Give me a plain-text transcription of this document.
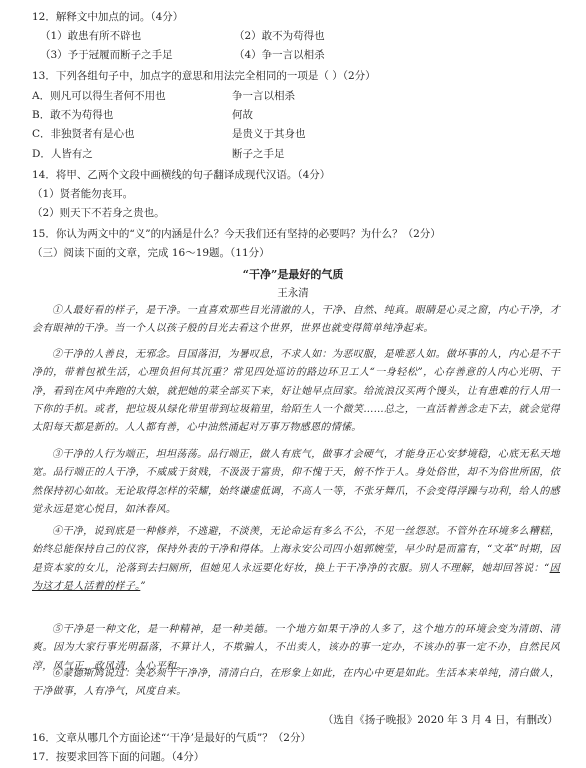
12．解释文中加点的词。（4分）
（1）敢患有所不辟也	（2）敢不为苟得也
（3）予于冠履而断子之手足	（4）争一言以相杀
13．下列各组句子中，加点字的意思和用法完全相同的一项是（ ）（2分）
A．则凡可以得生者何不用也	争一言以相杀
B．敢不为苟得也	何故
C．非独贤者有是心也	是贵义于其身也
D．人皆有之	断子之手足
14．将甲、乙两个文段中画横线的句子翻译成现代汉语。（4分）
（1）贤者能勿丧耳。
（2）则天下不若身之贵也。
15．你认为两文中的“义”的内涵是什么？今天我们还有坚持的必要吗？为什么？（2分）
（三）阅读下面的文章，完成 16～19题。（11分）
“干净”是最好的气质
王永清
①人最好看的样子，是干净。一直喜欢那些目光清澈的人，干净、自然、纯真。眼睛是心灵之窗，内心干净，才会有眼神的干净。当一个人以孩子般的目光去看这个世界，世界也就变得简单纯净起来。
②干净的人善良，无邪念。目国落泪，为暑叹息，不求人如：为恶叹服，是唯恶人如。做坏事的人，内心是不干净的，带着包袱生活，心理负担何其沉重？常见四处巡访的路边环卫工人“一身轻松”，心存善意的人内心光明、干净，看到在风中奔跑的大娘，就把她的菜全部买下来，好让她早点回家。给流浪汉买两个馒头，让有患难的行人用一下你的手机。或者，把垃圾从绿化带里带到垃圾箱里，给陌生人一个微笑……总之，一直活着善念走下去，就会觉得太阳每天都是新的。人人都有善，心中油然涌起对万事万物感恩的情愫。
③干净的人行为端正，坦坦荡荡。品行端正，做人有底气，做事才会硬气，才能身正心安梦境稳，心底无私天地宽。品行端正的人干净，不威威于贫贱，不汲汲于富贵，仰不愧于天，俯不怍于人。身处俗世，却不为俗世所困，依然保持初心如故。无论取得怎样的荣耀，始终谦虚低调，不高人一等，不张牙舞爪，不会变得浮躁与功利，给人的感觉永远是宽心悦目，如沐春风。
④干净，说到底是一种修养，不逃避，不淡羡，无论命运有多么不公，不见一丝怨怼。不管外在环境多么糟糕，始终总能保持自己的仪容，保持外表的干净和得体。上海永安公司四小姐郭婉莹，早少时是而富有，“文革”时期，因是资本家的女儿，沦落到去扫厕所，但她见人永远要化好妆，换上干干净净的衣服。别人不理解，她却回答说：“因为这才是人活着的样子。”
⑤干净是一种文化，是一种精神，是一种美德。一个地方如果干净的人多了，这个地方的环境会变为清朗、清爽。因为大家行事光明磊落，不算计人，不欺骗人，不出卖人，该办的事一定办，不该办的事一定不办，自然民风淳，风气正，政风清，人心平和。
⑥蒙德斯鸠说过：美必须干干净净，清清白白，在形象上如此，在内心中更是如此。生活本来单纯，清白做人，干净做事，人有净气，风度自来。
（选自《扬子晚报》2020 年 3 月 4 日，有删改）
16．文章从哪几个方面论述“‘干净’是最好的气质”？（2分）
17．按要求回答下面的问题。（4分）
